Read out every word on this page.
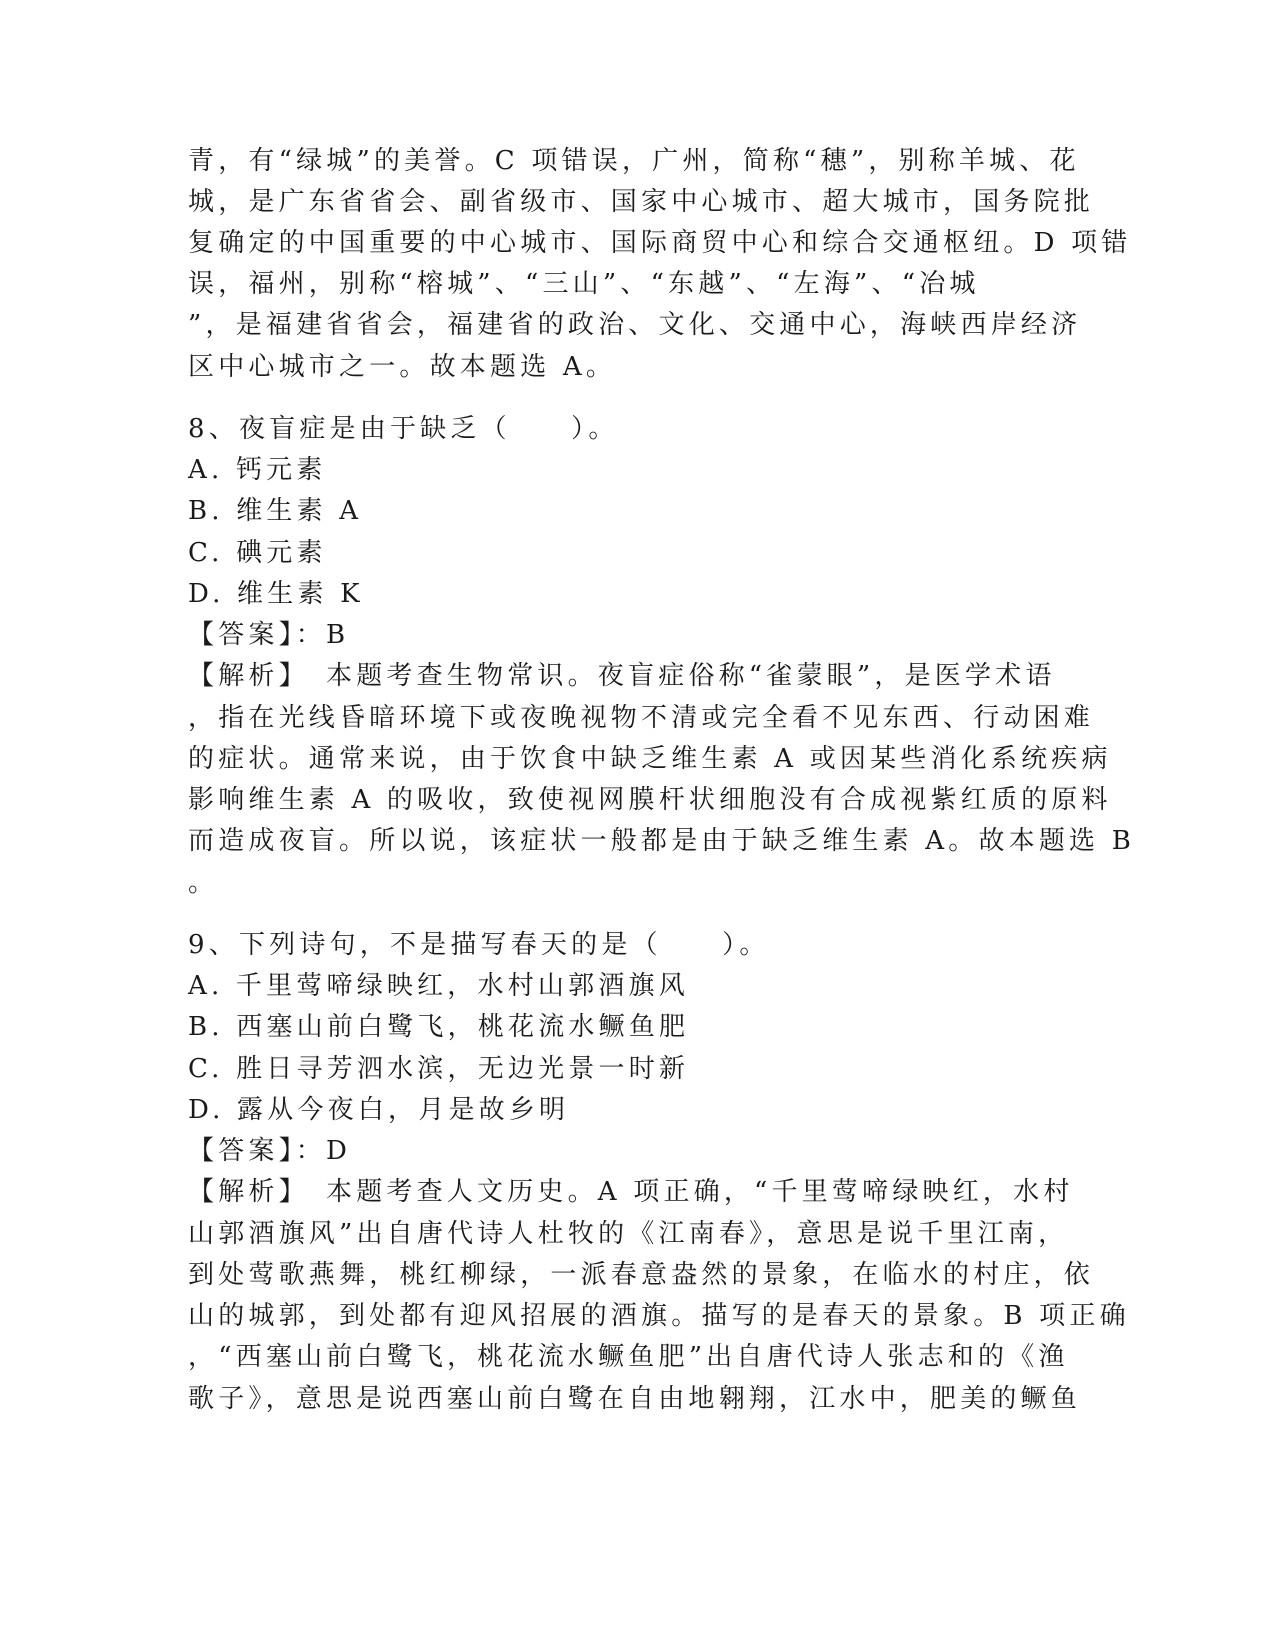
青，有“绿城”的美誉。C 项错误，广州，简称“穗”，别称羊城、花
城，是广东省省会、副省级市、国家中心城市、超大城市，国务院批
复确定的中国重要的中心城市、国际商贸中心和综合交通枢纽。D 项错
误，福州，别称“榕城”、“三山”、“东越”、“左海”、“冶城
”，是福建省省会，福建省的政治、文化、交通中心，海峡西岸经济
区中心城市之一。故本题选 A。
8、夜盲症是由于缺乏（　　）。
A. 钙元素
B. 维生素 A
C. 碘元素
D. 维生素 K
【答案】：B
【解析】　本题考查生物常识。夜盲症俗称“雀蒙眼”，是医学术语
，指在光线昏暗环境下或夜晚视物不清或完全看不见东西、行动困难
的症状。通常来说，由于饮食中缺乏维生素 A 或因某些消化系统疾病
影响维生素 A 的吸收，致使视网膜杆状细胞没有合成视紫红质的原料
而造成夜盲。所以说，该症状一般都是由于缺乏维生素 A。故本题选 B
。
9、下列诗句，不是描写春天的是（　　）。
A. 千里莺啼绿映红，水村山郭酒旗风
B. 西塞山前白鹭飞，桃花流水鳜鱼肥
C. 胜日寻芳泗水滨，无边光景一时新
D. 露从今夜白，月是故乡明
【答案】：D
【解析】　本题考查人文历史。A 项正确，“千里莺啼绿映红，水村
山郭酒旗风”出自唐代诗人杜牧的《江南春》，意思是说千里江南，
到处莺歌燕舞，桃红柳绿，一派春意盎然的景象，在临水的村庄，依
山的城郭，到处都有迎风招展的酒旗。描写的是春天的景象。B 项正确
，“西塞山前白鹭飞，桃花流水鳜鱼肥”出自唐代诗人张志和的《渔
歌子》，意思是说西塞山前白鹭在自由地翱翔，江水中，肥美的鳜鱼
